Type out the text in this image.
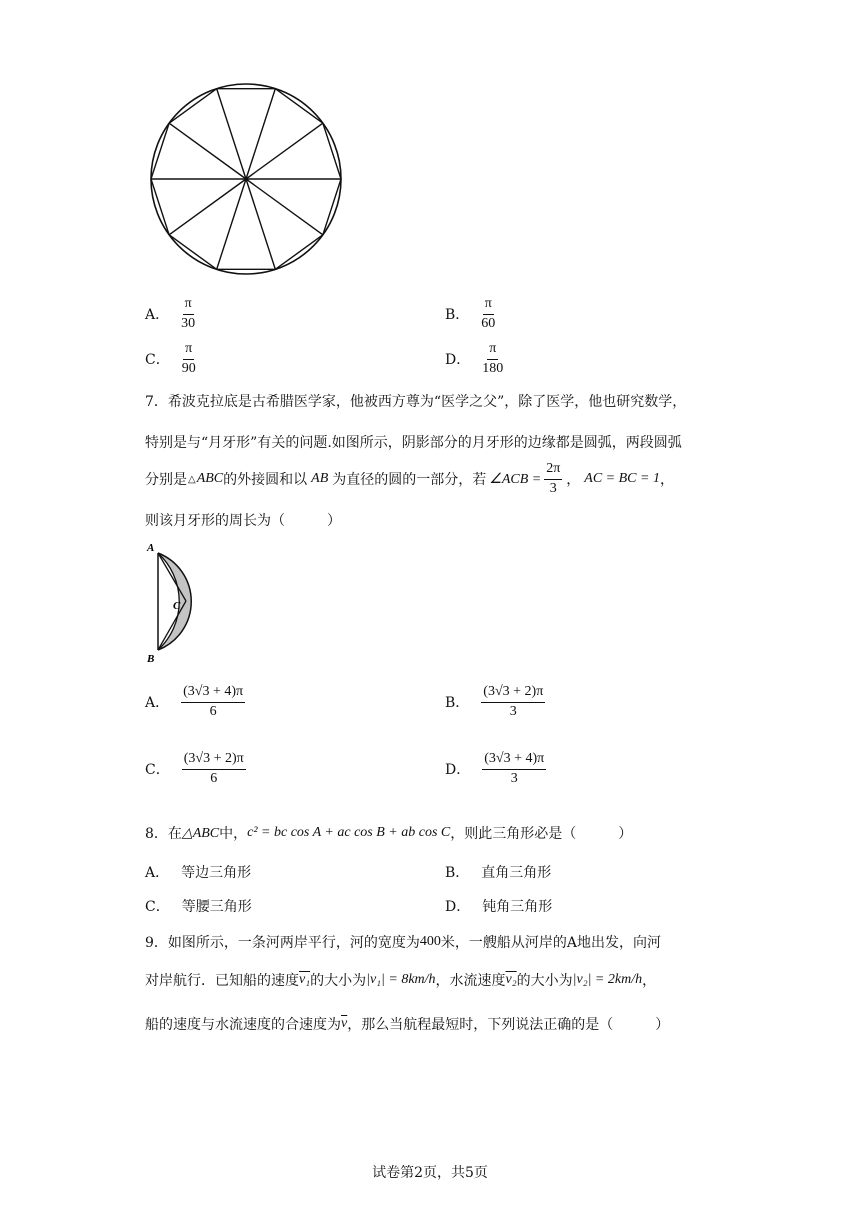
A． $\frac{\pi}{30}$	B． $\frac{\pi}{60}$
C． $\frac{\pi}{90}$	D． $\frac{\pi}{180}$
7．希波克拉底是古希腊医学家，他被西方尊为“医学之父”，除了医学，他也研究数学，
特别是与“月牙形”有关的问题.如图所示，阴影部分的月牙形的边缘都是圆弧，两段圆弧
分别是 △ ABC 的外接圆和以 AB 为直径的圆的一部分，若 ∠ACB = $\frac{2\pi}{3}$ ， AC = BC = 1 ，
则该月牙形的周长为（　　　）
A
C
B
A． $\frac{(3√3 + 4)\pi}{6}$	B． $\frac{(3√3 + 2)\pi}{3}$
C． $\frac{(3√3 + 2)\pi}{6}$	D． $\frac{(3√3 + 4)\pi}{3}$
8．在 △ABC 中， c² = bc cos A + ac cos B + ab cos C ，则此三角形必是（　　　）
A． 等边三角形	B． 直角三角形
C． 等腰三角形	D． 钝角三角形
9．如图所示，一条河两岸平行，河的宽度为 400 米，一艘船从河岸的A地出发，向河
对岸航行．已知船的速度 v₁ 的大小为 |v₁| = 8km/h ，水流速度 v₂ 的大小为 |v₂| = 2km/h ，
船的速度与水流速度的合速度为 $\overline{v}$ ，那么当航程最短时，下列说法正确的是（　　　）
试卷第2页，共5页
